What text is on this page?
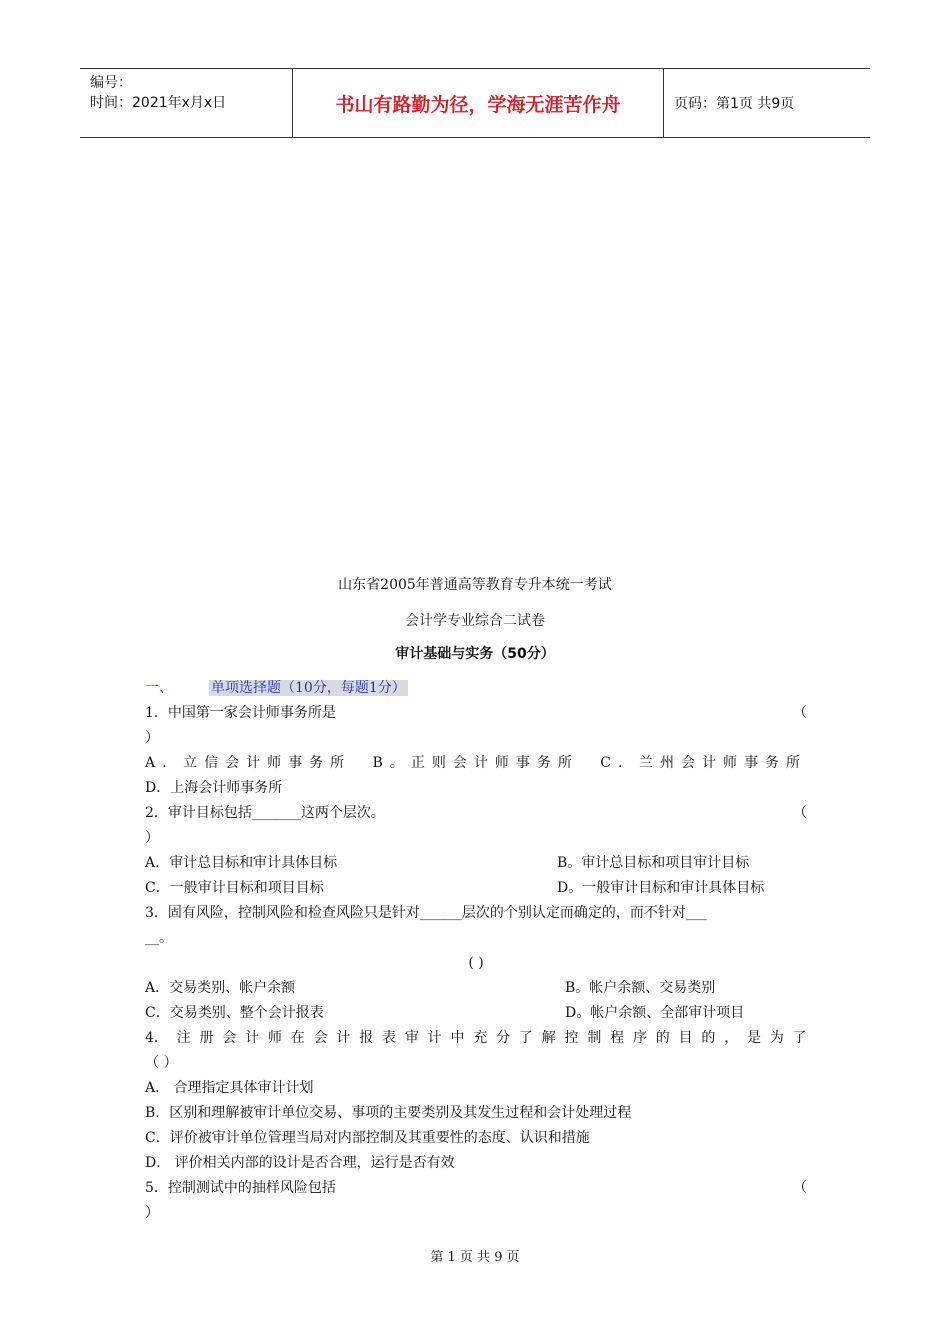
编号：
时间：2021年x月x日	书山有路勤为径，学海无涯苦作舟	页码：第1页 共9页
山东省2005年普通高等教育专升本统一考试
会计学专业综合二试卷
审计基础与实务（50分）
一、	单项选择题（10分，每题1分）
1．中国第一家会计师事务所是	（
）
A．立信会计师事务所 B。正则会计师事务所 C．兰州会计师事务所
D．上海会计师事务所
2．审计目标包括_______这两个层次。	（
）
A．审计总目标和审计具体目标	B。审计总目标和项目审计目标
C．一般审计目标和项目目标	D。一般审计目标和审计具体目标
3．固有风险，控制风险和检查风险只是针对______层次的个别认定而确定的，而不针对___
__。
( )
A．交易类别、帐户余额	B。帐户余额、交易类别
C．交易类别、整个会计报表	D。帐户余额、全部审计项目
4． 注 册 会 计 师 在 会 计 报 表 审 计 中 充 分 了 解 控 制 程 序 的 目 的 ， 是 为 了
（ ）
A． 合理指定具体审计计划
B．区别和理解被审计单位交易、事项的主要类别及其发生过程和会计处理过程
C．评价被审计单位管理当局对内部控制及其重要性的态度、认识和措施
D． 评价相关内部的设计是否合理，运行是否有效
5．控制测试中的抽样风险包括	（
）
第 1 页 共 9 页
